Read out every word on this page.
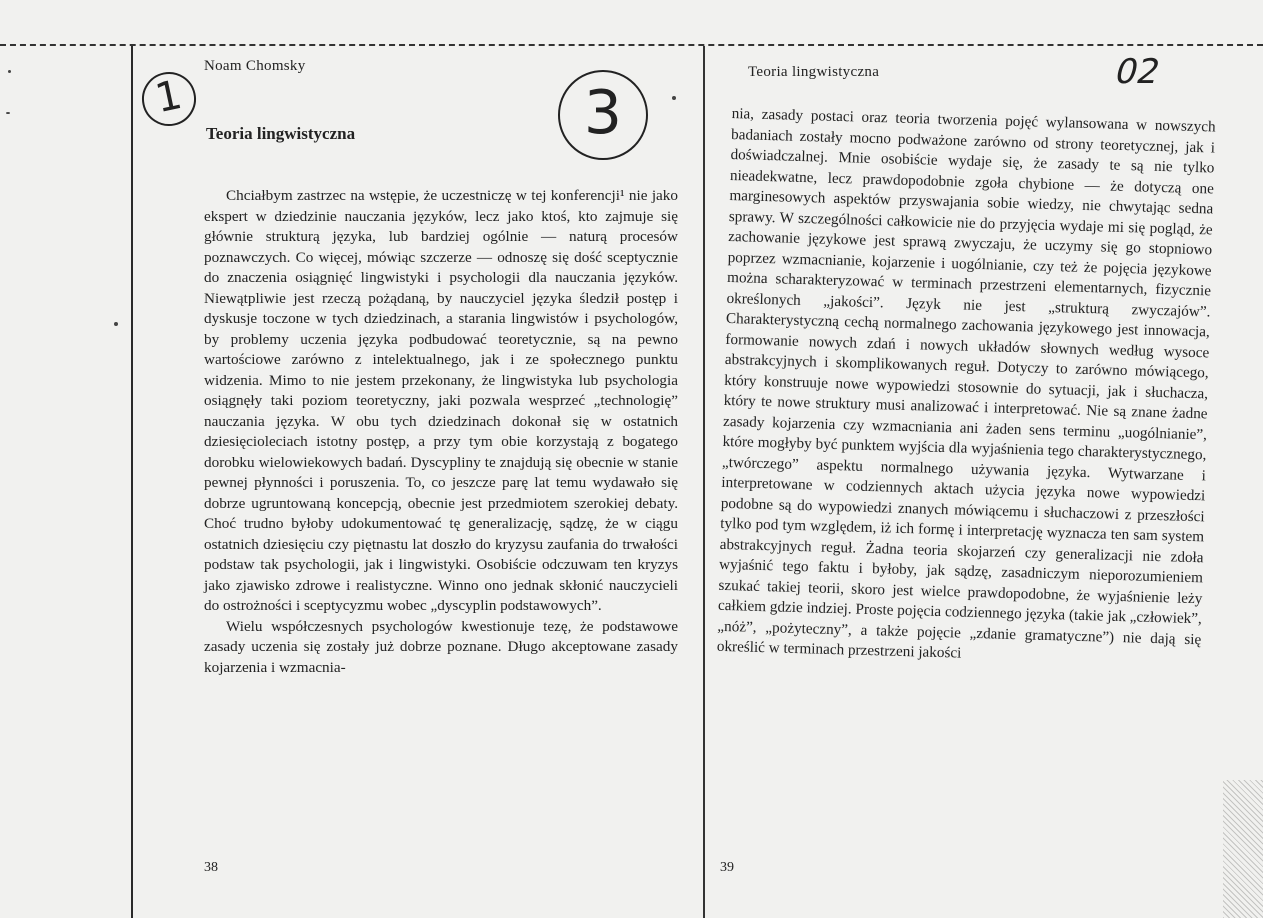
Noam Chomsky
1	3
Teoria lingwistyczna

Chciałbym zastrzec na wstępie, że uczestniczę w tej konferencji¹ nie jako ekspert w dziedzinie nauczania języków, lecz jako ktoś, kto zajmuje się głównie strukturą języka, lub bardziej ogólnie — naturą procesów poznawczych. Co więcej, mówiąc szczerze — odnoszę się dość sceptycznie do znaczenia osiągnięć lingwistyki i psychologii dla nauczania języków. Niewątpliwie jest rzeczą pożądaną, by nauczyciel języka śledził postęp i dyskusje toczone w tych dziedzinach, a starania lingwistów i psychologów, by problemy uczenia języka podbudować teoretycznie, są na pewno wartościowe zarówno z intelektualnego, jak i ze społecznego punktu widzenia. Mimo to nie jestem przekonany, że lingwistyka lub psychologia osiągnęły taki poziom teoretyczny, jaki pozwala wesprzeć „technologię” nauczania języka. W obu tych dziedzinach dokonał się w ostatnich dziesięcioleciach istotny postęp, a przy tym obie korzystają z bogatego dorobku wielowiekowych badań. Dyscypliny te znajdują się obecnie w stanie pewnej płynności i poruszenia. To, co jeszcze parę lat temu wydawało się dobrze ugruntowaną koncepcją, obecnie jest przedmiotem szerokiej debaty. Choć trudno byłoby udokumentować tę generalizację, sądzę, że w ciągu ostatnich dziesięciu czy piętnastu lat doszło do kryzysu zaufania do trwałości podstaw tak psychologii, jak i lingwistyki. Osobiście odczuwam ten kryzys jako zjawisko zdrowe i realistyczne. Winno ono jednak skłonić nauczycieli do ostrożności i sceptycyzmu wobec „dyscyplin podstawowych”.

Wielu współczesnych psychologów kwestionuje tezę, że podstawowe zasady uczenia się zostały już dobrze poznane. Długo akceptowane zasady kojarzenia i wzmacnia-

38
Teoria lingwistyczna	02

nia, zasady postaci oraz teoria tworzenia pojęć wylansowana w nowszych badaniach zostały mocno podważone zarówno od strony teoretycznej, jak i doświadczalnej. Mnie osobiście wydaje się, że zasady te są nie tylko nieadekwatne, lecz prawdopodobnie zgoła chybione — że dotyczą one marginesowych aspektów przyswajania sobie wiedzy, nie chwytając sedna sprawy. W szczególności całkowicie nie do przyjęcia wydaje mi się pogląd, że zachowanie językowe jest sprawą zwyczaju, że uczymy się go stopniowo poprzez wzmacnianie, kojarzenie i uogólnianie, czy też że pojęcia językowe można scharakteryzować w terminach przestrzeni elementarnych, fizycznie określonych „jakości”. Język nie jest „strukturą zwyczajów”. Charakterystyczną cechą normalnego zachowania językowego jest innowacja, formowanie nowych zdań i nowych układów słownych według wysoce abstrakcyjnych i skomplikowanych reguł. Dotyczy to zarówno mówiącego, który konstruuje nowe wypowiedzi stosownie do sytuacji, jak i słuchacza, który te nowe struktury musi analizować i interpretować. Nie są znane żadne zasady kojarzenia czy wzmacniania ani żaden sens terminu „uogólnianie”, które mogłyby być punktem wyjścia dla wyjaśnienia tego charakterystycznego, „twórczego” aspektu normalnego używania języka. Wytwarzane i interpretowane w codziennych aktach użycia języka nowe wypowiedzi podobne są do wypowiedzi znanych mówiącemu i słuchaczowi z przeszłości tylko pod tym względem, iż ich formę i interpretację wyznacza ten sam system abstrakcyjnych reguł. Żadna teoria skojarzeń czy generalizacji nie zdoła wyjaśnić tego faktu i byłoby, jak sądzę, zasadniczym nieporozumieniem szukać takiej teorii, skoro jest wielce prawdopodobne, że wyjaśnienie leży całkiem gdzie indziej. Proste pojęcia codziennego języka (takie jak „człowiek”, „nóż”, „pożyteczny”, a także pojęcie „zdanie gramatyczne”) nie dają się określić w terminach przestrzeni jakości

39
